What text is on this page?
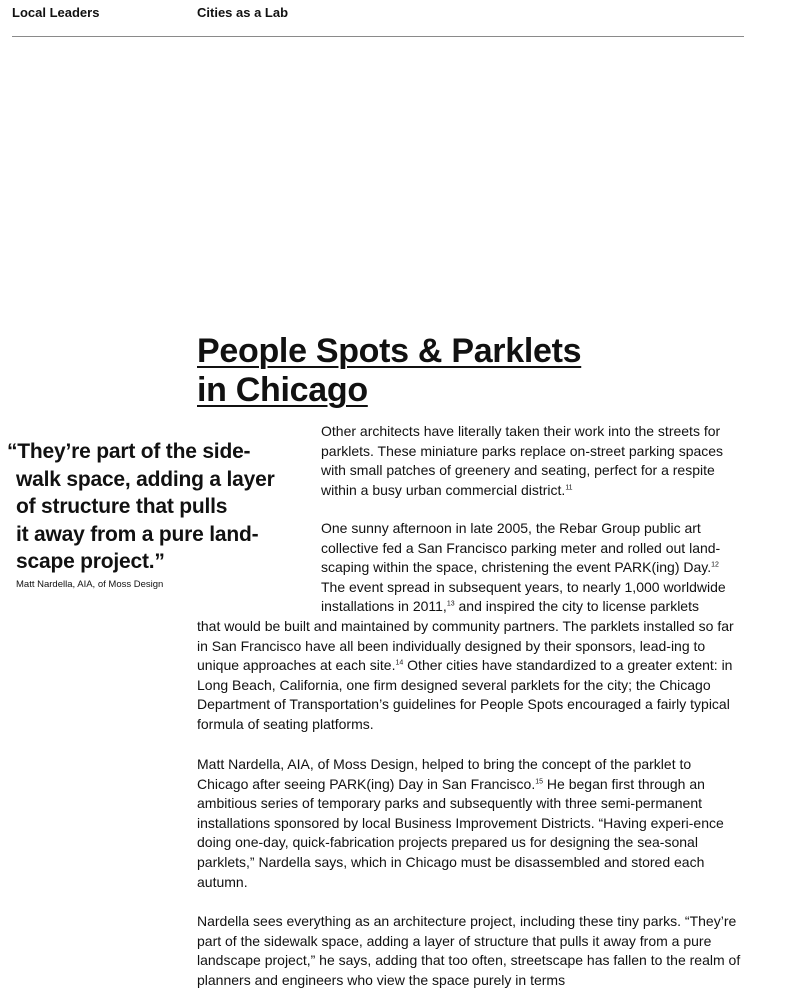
Local Leaders	Cities as a Lab
People Spots & Parklets
in Chicago

“They’re part of the side-
walk space, adding a layer
of structure that pulls
it away from a pure land-
scape project.”

Matt Nardella, AIA, of Moss Design

Other architects have literally taken their work into the streets for parklets. These miniature parks replace on-street parking spaces with small patches of greenery and seating, perfect for a respite within a busy urban commercial district.$^{11}$

One sunny afternoon in late 2005, the Rebar Group public art collective fed a San Francisco parking meter and rolled out land-scaping within the space, christening the event PARK(ing) Day.$^{12}$ The event spread in subsequent years, to nearly 1,000 worldwide installations in 2011,13 and inspired the city to license parklets

that would be built and maintained by community partners. The parklets installed so far in San Francisco have all been individually designed by their sponsors, lead-ing to unique approaches at each site.$^{14}$ Other cities have standardized to a greater extent: in Long Beach, California, one firm designed several parklets for the city; the Chicago Department of Transportation’s guidelines for People Spots encouraged a fairly typical formula of seating platforms.

Matt Nardella, AIA, of Moss Design, helped to bring the concept of the parklet to Chicago after seeing PARK(ing) Day in San Francisco.$^{15}$ He began first through an ambitious series of temporary parks and subsequently with three semi-permanent installations sponsored by local Business Improvement Districts. “Having experi-ence doing one-day, quick-fabrication projects prepared us for designing the sea-sonal parklets,” Nardella says, which in Chicago must be disassembled and stored each autumn.

Nardella sees everything as an architecture project, including these tiny parks. “They’re part of the sidewalk space, adding a layer of structure that pulls it away from a pure landscape project,” he says, adding that too often, streetscape has fallen to the realm of planners and engineers who view the space purely in terms
